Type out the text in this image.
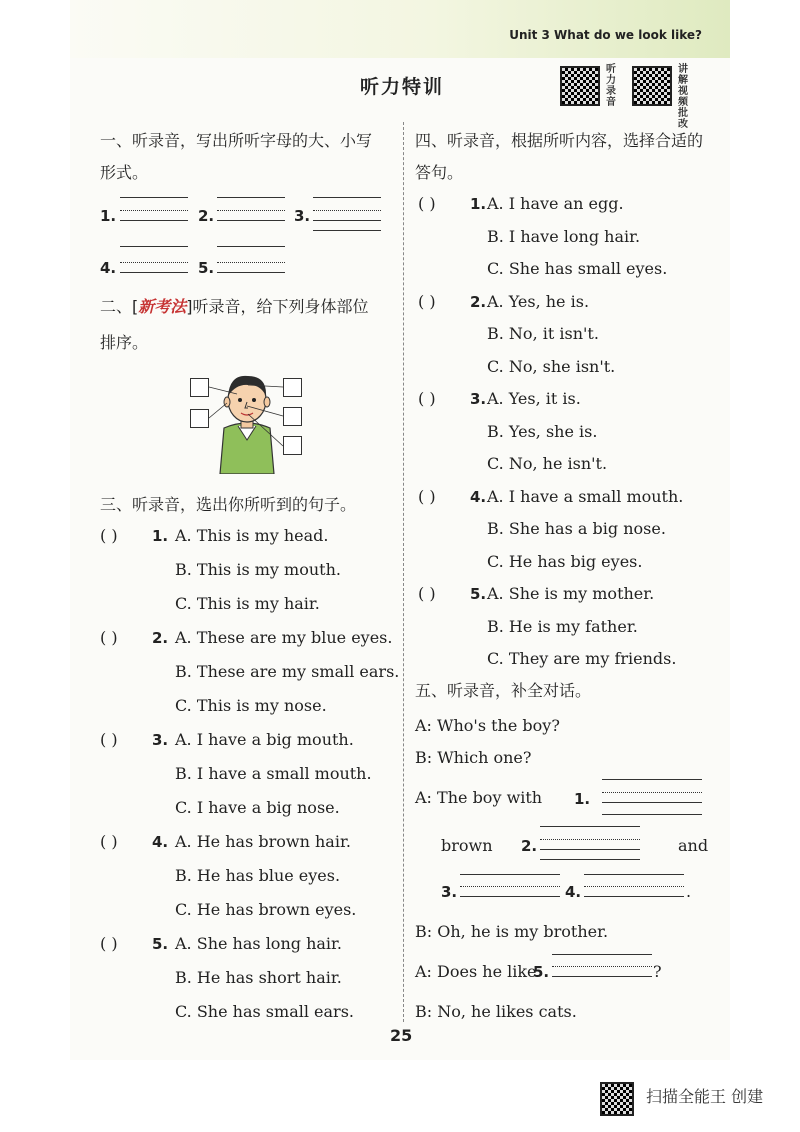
Unit 3 What do we look like?
听力特训
听力录音
讲解视频批改
一、听录音，写出所听字母的大、小写
形式。
1.	2.	3.
4.	5.
二、[新考法]听录音，给下列身体部位
排序。
三、听录音，选出你所听到的句子。
( ) 1. A. This is my head.
B. This is my mouth.
C. This is my hair.
( ) 2. A. These are my blue eyes.
B. These are my small ears.
C. This is my nose.
( ) 3. A. I have a big mouth.
B. I have a small mouth.
C. I have a big nose.
( ) 4. A. He has brown hair.
B. He has blue eyes.
C. He has brown eyes.
( ) 5. A. She has long hair.
B. He has short hair.
C. She has small ears.
四、听录音，根据所听内容，选择合适的
答句。
( ) 1. A. I have an egg.
B. I have long hair.
C. She has small eyes.
( ) 2. A. Yes, he is.
B. No, it isn't.
C. No, she isn't.
( ) 3. A. Yes, it is.
B. Yes, she is.
C. No, he isn't.
( ) 4. A. I have a small mouth.
B. She has a big nose.
C. He has big eyes.
( ) 5. A. She is my mother.
B. He is my father.
C. They are my friends.
五、听录音，补全对话。
A: Who's the boy?
B: Which one?
A: The boy with 1.
brown 2.	and
3.	4.	.
B: Oh, he is my brother.
A: Does he like
5.	?
B: No, he likes cats.
25
扫描全能王 创建
